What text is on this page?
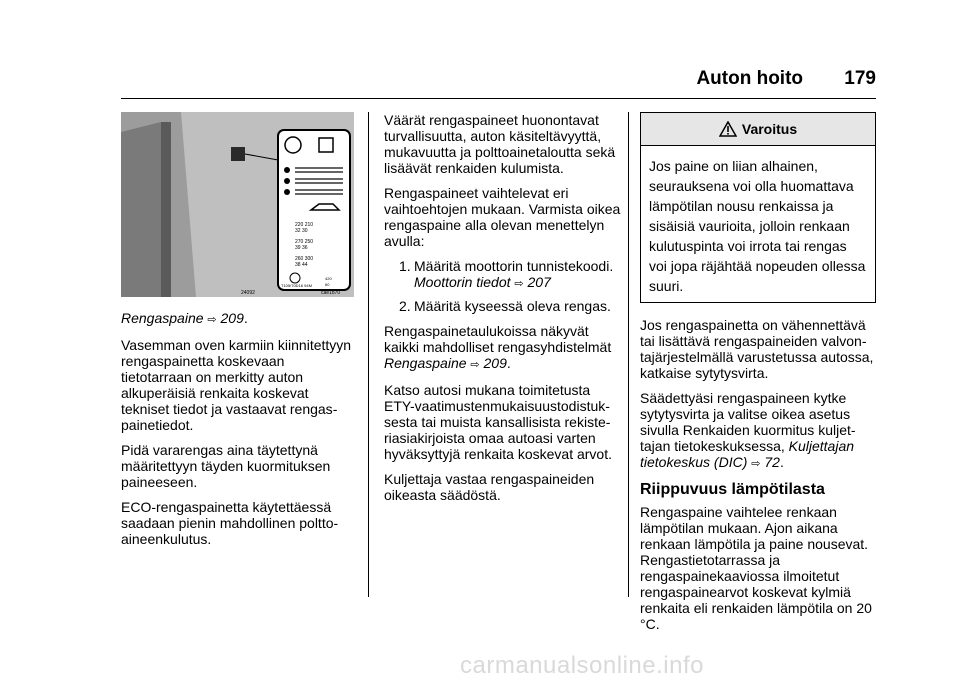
Auton hoito 179
220 210
32 30
270 250
39 36
260 300
38 44
T105/70D16 94M
420
60
24092	cae1870

Rengaspaine ⇨ 209.

Vasemman oven karmiin kiinnitettyyn rengaspainetta koskevaan tietotarraan on merkitty auton alkuperäisiä renkaita koskevat tekniset tiedot ja vastaavat rengaspainetiedot.

Pidä vararengas aina täytettynä määritettyyn täyden kuormituksen paineeseen.

ECO-rengaspainetta käytettäessä saadaan pienin mahdollinen polttoaineenkulutus.

Väärät rengaspaineet huonontavat turvallisuutta, auton käsiteltävyyttä, mukavuutta ja polttoainetaloutta sekä lisäävät renkaiden kulumista.

Rengaspaineet vaihtelevat eri vaihtoehtojen mukaan. Varmista oikea rengaspaine alla olevan menettelyn avulla:

1. Määritä moottorin tunnistekoodi. Moottorin tiedot ⇨ 207
2. Määritä kyseessä oleva rengas.

Rengaspainetaulukoissa näkyvät kaikki mahdolliset rengasyhdistelmät Rengaspaine ⇨ 209.

Katso autosi mukana toimitetusta ETY-vaatimustenmukaisuustodistuksesta tai muista kansallisista rekisteriasiakirjoista omaa autoasi varten hyväksyttyjä renkaita koskevat arvot.

Kuljettaja vastaa rengaspaineiden oikeasta säädöstä.

Varoitus
Jos paine on liian alhainen, seurauksena voi olla huomattava lämpötilan nousu renkaissa ja sisäisiä vaurioita, jolloin renkaan kulutuspinta voi irrota tai rengas voi jopa räjähtää nopeuden ollessa suuri.

Jos rengaspainetta on vähennettävä tai lisättävä rengaspaineiden valvontajärjestelmällä varustetussa autossa, katkaise sytytysvirta.

Säädettyäsi rengaspaineen kytke sytytysvirta ja valitse oikea asetus sivulla Renkaiden kuormitus kuljettajan tietokeskuksessa, Kuljettajan tietokeskus (DIC) ⇨ 72.

Riippuvuus lämpötilasta

Rengaspaine vaihtelee renkaan lämpötilan mukaan. Ajon aikana renkaan lämpötila ja paine nousevat. Rengastietotarrassa ja rengaspainekaaviossa ilmoitetut rengaspainearvot koskevat kylmiä renkaita eli renkaiden lämpötila on 20 °C.

carmanualsonline.info
